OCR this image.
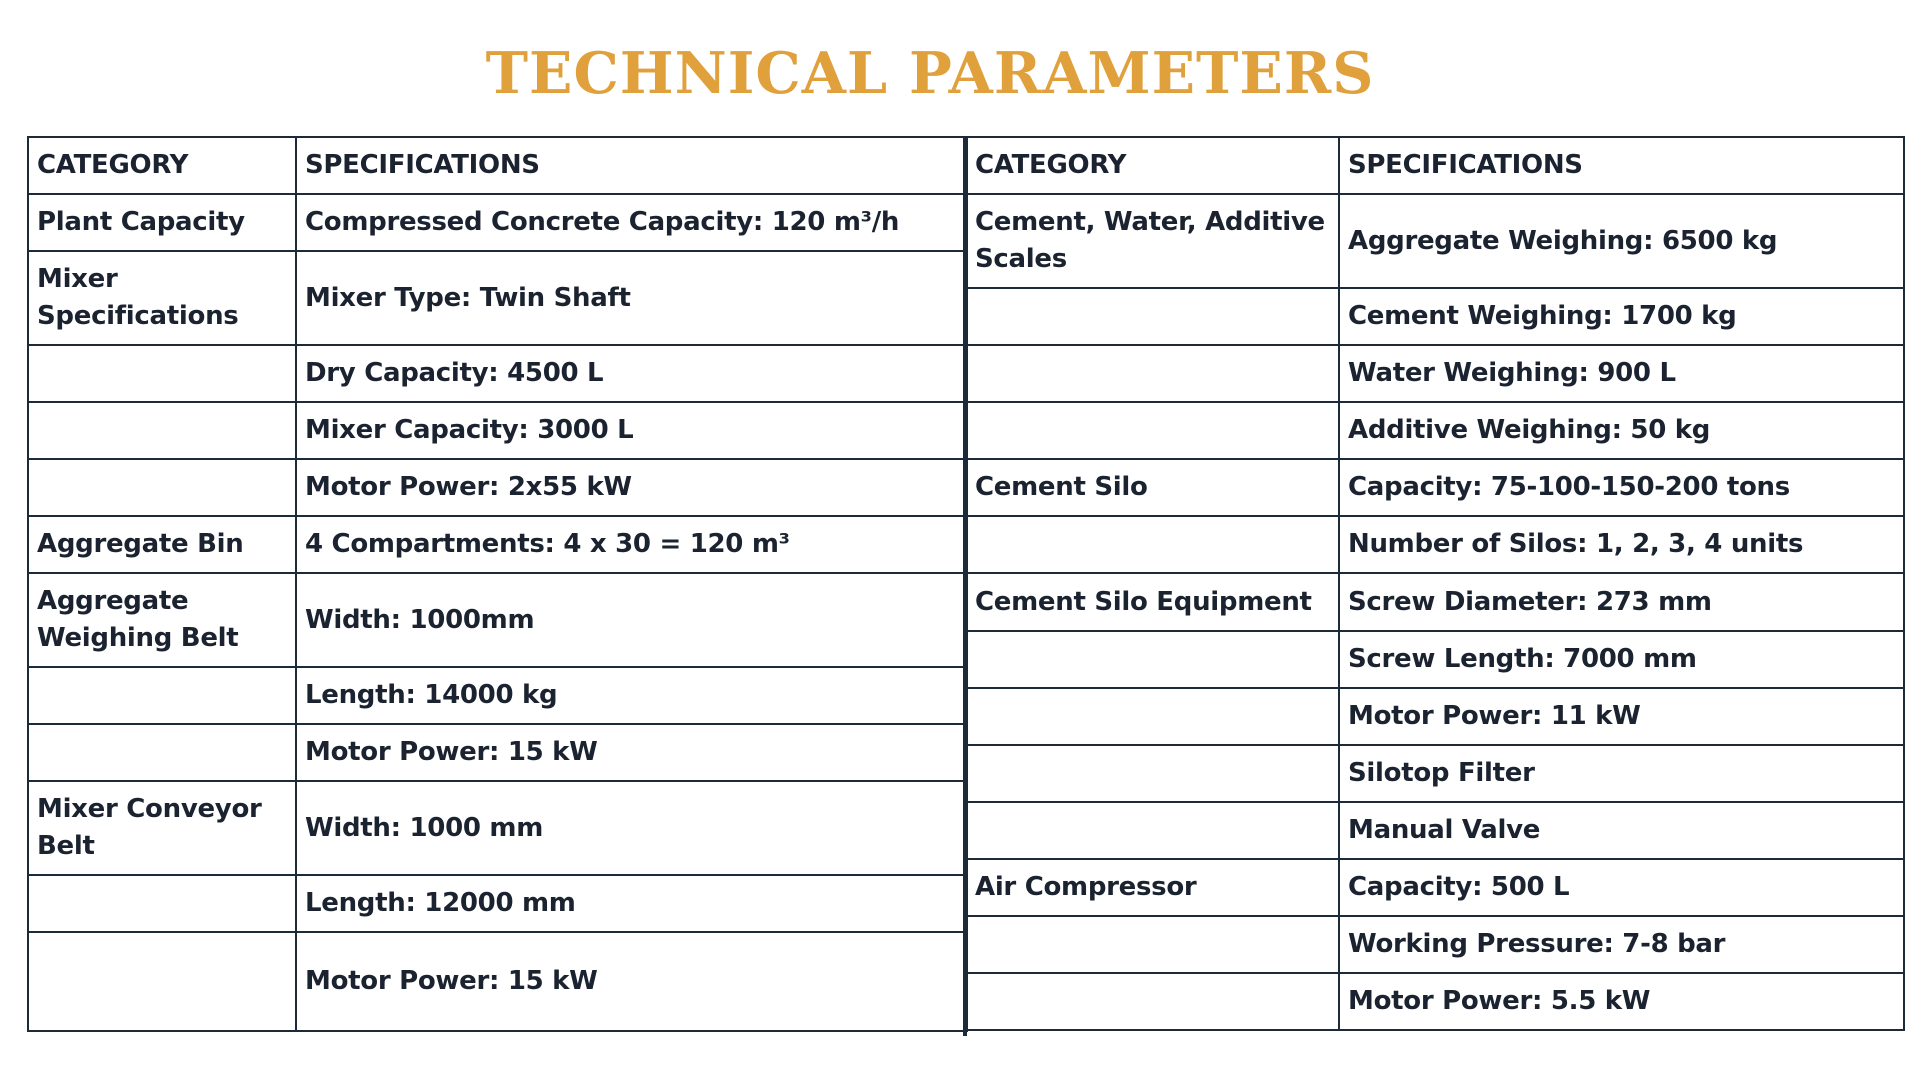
TECHNICAL PARAMETERS
CATEGORY	SPECIFICATIONS
Plant Capacity	Compressed Concrete Capacity: 120 m³/h
Mixer Specifications	Mixer Type: Twin Shaft
	Dry Capacity: 4500 L
	Mixer Capacity: 3000 L
	Motor Power: 2x55 kW
Aggregate Bin	4 Compartments: 4 x 30 = 120 m³
Aggregate Weighing Belt	Width: 1000mm
	Length: 14000 kg
	Motor Power: 15 kW
Mixer Conveyor Belt	Width: 1000 mm
	Length: 12000 mm
	Motor Power: 15 kW
CATEGORY	SPECIFICATIONS
Cement, Water, Additive Scales	Aggregate Weighing: 6500 kg
	Cement Weighing: 1700 kg
	Water Weighing: 900 L
	Additive Weighing: 50 kg
Cement Silo	Capacity: 75-100-150-200 tons
	Number of Silos: 1, 2, 3, 4 units
Cement Silo Equipment	Screw Diameter: 273 mm
	Screw Length: 7000 mm
	Motor Power: 11 kW
	Silotop Filter
	Manual Valve
Air Compressor	Capacity: 500 L
	Working Pressure: 7-8 bar
	Motor Power: 5.5 kW
